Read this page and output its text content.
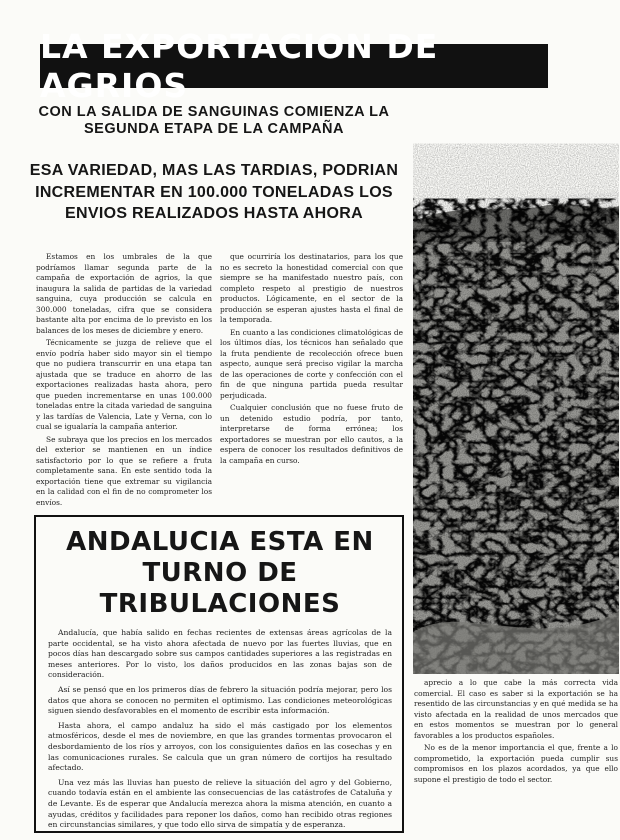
LA EXPORTACION DE AGRIOS
CON LA SALIDA DE SANGUINAS COMIENZA LA SEGUNDA ETAPA DE LA CAMPAÑA
ESA VARIEDAD, MAS LAS TARDIAS, PODRIAN INCREMENTAR EN 100.000 TONELADAS LOS ENVIOS REALIZADOS HASTA AHORA

Estamos en los umbrales de la que podríamos llamar segunda parte de la campaña de exportación de agrios, la que inaugura la salida de partidas de la variedad sanguina, cuya producción se calcula en 300.000 toneladas, cifra que se considera bastante alta por encima de lo previsto en los balances de los meses de diciembre y enero.

Técnicamente se juzga de relieve que el envío podría haber sido mayor sin el tiempo que no pudiera transcurrir en una etapa tan ajustada que se traduce en ahorro de las exportaciones realizadas hasta ahora, pero que pueden incrementarse en unas 100.000 toneladas entre la citada variedad de sanguina y las tardías de Valencia, Late y Verna, con lo cual se igualaría la campaña anterior.

Se subraya que los precios en los mercados del exterior se mantienen en un índice satisfactorio por lo que se refiere a fruta completamente sana. En este sentido toda la exportación tiene que extremar su vigilancia en la calidad con el fin de no comprometer los envíos.

que ocurriría los destinatarios, para los que no es secreto la honestidad comercial con que siempre se ha manifestado nuestro país, con completo respeto al prestigio de nuestros productos. Lógicamente, en el sector de la producción se esperan ajustes hasta el final de la temporada.

En cuanto a las condiciones climatológicas de los últimos días, los técnicos han señalado que la fruta pendiente de recolección ofrece buen aspecto, aunque será preciso vigilar la marcha de las operaciones de corte y confección con el fin de que ninguna partida pueda resultar perjudicada.

Cualquier conclusión que no fuese fruto de un detenido estudio podría, por tanto, interpretarse de forma errónea; los exportadores se muestran por ello cautos, a la espera de conocer los resultados definitivos de la campaña en curso.

ANDALUCIA ESTA EN TURNO DE TRIBULACIONES

Andalucía, que había salido en fechas recientes de extensas áreas agrícolas de la parte occidental, se ha visto ahora afectada de nuevo por las fuertes lluvias, que en pocos días han descargado sobre sus campos cantidades superiores a las registradas en meses anteriores. Por lo visto, los daños producidos en las zonas bajas son de consideración.

Así se pensó que en los primeros días de febrero la situación podría mejorar, pero los datos que ahora se conocen no permiten el optimismo. Las condiciones meteorológicas siguen siendo desfavorables en el momento de escribir esta información.

Hasta ahora, el campo andaluz ha sido el más castigado por los elementos atmosféricos, desde el mes de noviembre, en que las grandes tormentas provocaron el desbordamiento de los ríos y arroyos, con los consiguientes daños en las cosechas y en las comunicaciones rurales. Se calcula que un gran número de cortijos ha resultado afectado.

Una vez más las lluvias han puesto de relieve la situación del agro y del Gobierno, cuando todavía están en el ambiente las consecuencias de las catástrofes de Cataluña y de Levante. Es de esperar que Andalucía merezca ahora la misma atención, en cuanto a ayudas, créditos y facilidades para reponer los daños, como han recibido otras regiones en circunstancias similares, y que todo ello sirva de simpatía y de esperanza.

aprecio a lo que cabe la más correcta vida comercial. El caso es saber si la exportación se ha resentido de las circunstancias y en qué medida se ha visto afectada en la realidad de unos mercados que en estos momentos se muestran por lo general favorables a los productos españoles.

No es de la menor importancia el que, frente a lo comprometido, la exportación pueda cumplir sus compromisos en los plazos acordados, ya que ello supone el prestigio de todo el sector.
